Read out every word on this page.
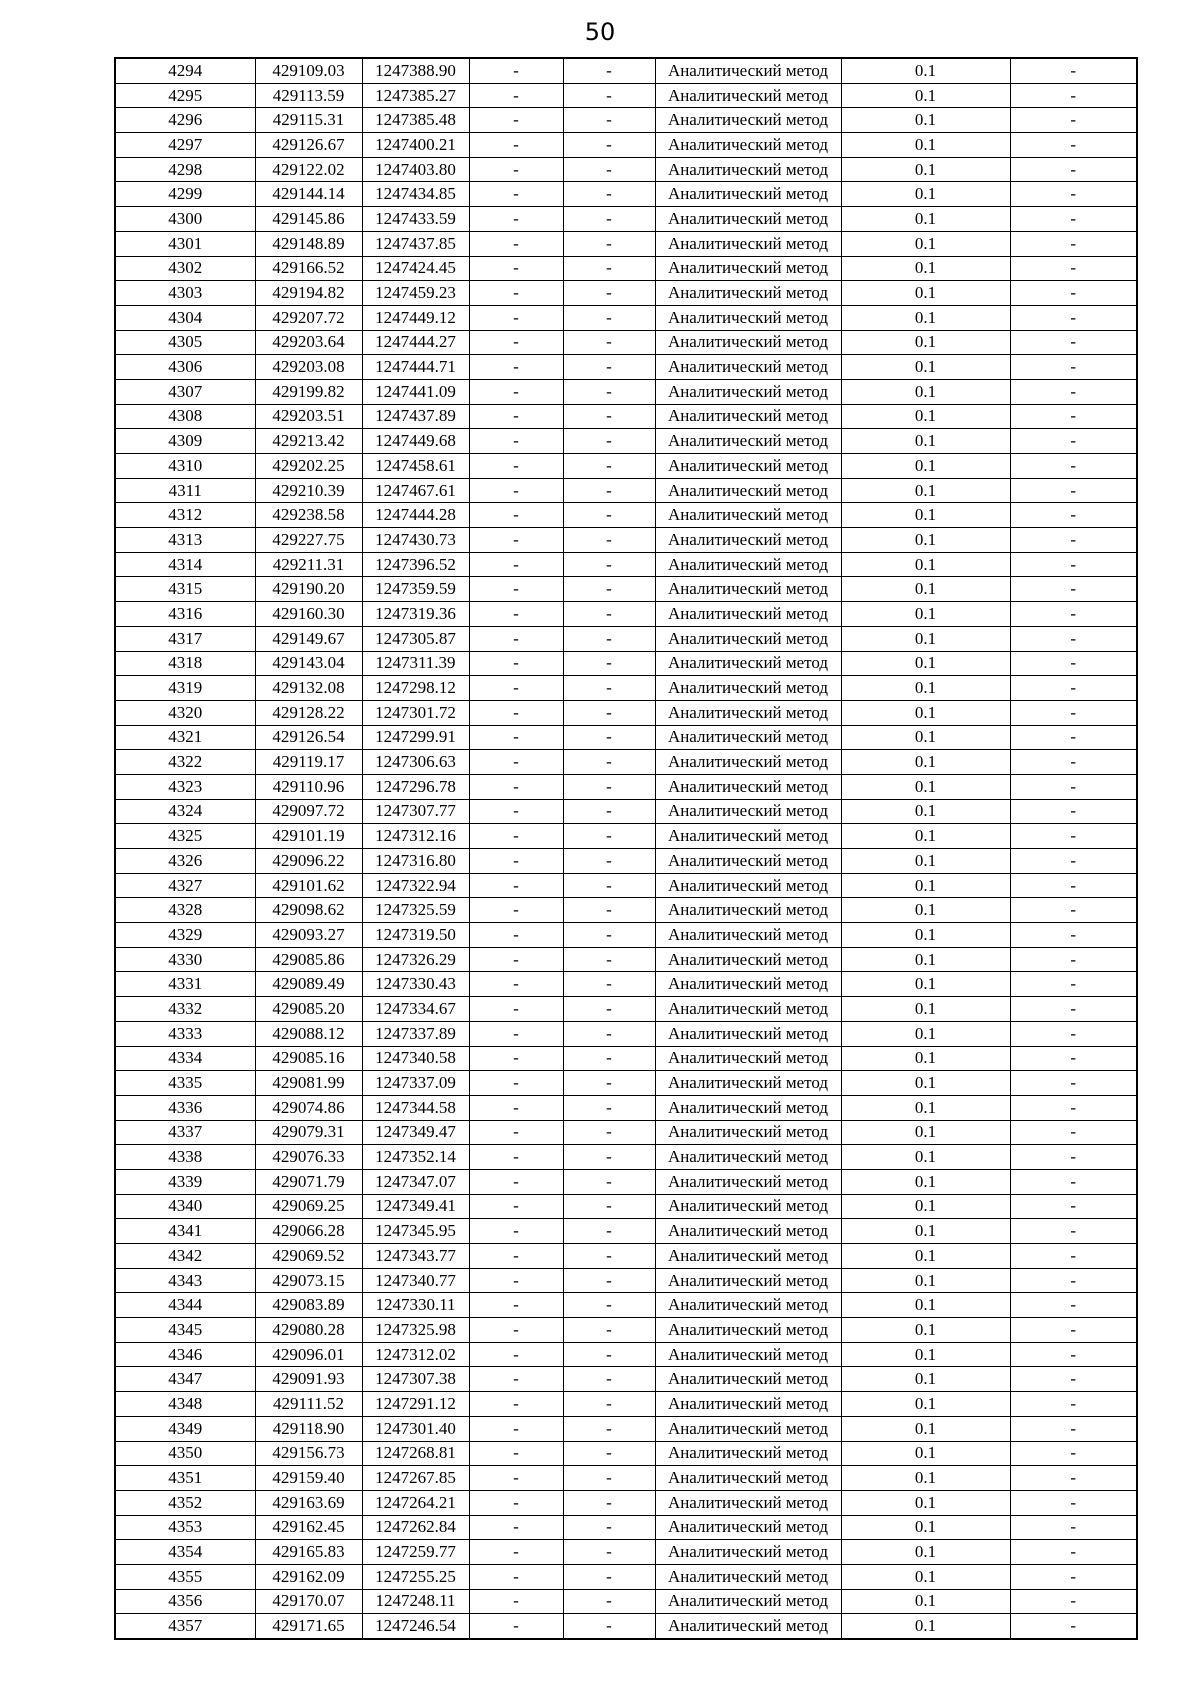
50
4294	429109.03	1247388.90	-	-	Аналитический метод	0.1	-
4295	429113.59	1247385.27	-	-	Аналитический метод	0.1	-
4296	429115.31	1247385.48	-	-	Аналитический метод	0.1	-
4297	429126.67	1247400.21	-	-	Аналитический метод	0.1	-
4298	429122.02	1247403.80	-	-	Аналитический метод	0.1	-
4299	429144.14	1247434.85	-	-	Аналитический метод	0.1	-
4300	429145.86	1247433.59	-	-	Аналитический метод	0.1	-
4301	429148.89	1247437.85	-	-	Аналитический метод	0.1	-
4302	429166.52	1247424.45	-	-	Аналитический метод	0.1	-
4303	429194.82	1247459.23	-	-	Аналитический метод	0.1	-
4304	429207.72	1247449.12	-	-	Аналитический метод	0.1	-
4305	429203.64	1247444.27	-	-	Аналитический метод	0.1	-
4306	429203.08	1247444.71	-	-	Аналитический метод	0.1	-
4307	429199.82	1247441.09	-	-	Аналитический метод	0.1	-
4308	429203.51	1247437.89	-	-	Аналитический метод	0.1	-
4309	429213.42	1247449.68	-	-	Аналитический метод	0.1	-
4310	429202.25	1247458.61	-	-	Аналитический метод	0.1	-
4311	429210.39	1247467.61	-	-	Аналитический метод	0.1	-
4312	429238.58	1247444.28	-	-	Аналитический метод	0.1	-
4313	429227.75	1247430.73	-	-	Аналитический метод	0.1	-
4314	429211.31	1247396.52	-	-	Аналитический метод	0.1	-
4315	429190.20	1247359.59	-	-	Аналитический метод	0.1	-
4316	429160.30	1247319.36	-	-	Аналитический метод	0.1	-
4317	429149.67	1247305.87	-	-	Аналитический метод	0.1	-
4318	429143.04	1247311.39	-	-	Аналитический метод	0.1	-
4319	429132.08	1247298.12	-	-	Аналитический метод	0.1	-
4320	429128.22	1247301.72	-	-	Аналитический метод	0.1	-
4321	429126.54	1247299.91	-	-	Аналитический метод	0.1	-
4322	429119.17	1247306.63	-	-	Аналитический метод	0.1	-
4323	429110.96	1247296.78	-	-	Аналитический метод	0.1	-
4324	429097.72	1247307.77	-	-	Аналитический метод	0.1	-
4325	429101.19	1247312.16	-	-	Аналитический метод	0.1	-
4326	429096.22	1247316.80	-	-	Аналитический метод	0.1	-
4327	429101.62	1247322.94	-	-	Аналитический метод	0.1	-
4328	429098.62	1247325.59	-	-	Аналитический метод	0.1	-
4329	429093.27	1247319.50	-	-	Аналитический метод	0.1	-
4330	429085.86	1247326.29	-	-	Аналитический метод	0.1	-
4331	429089.49	1247330.43	-	-	Аналитический метод	0.1	-
4332	429085.20	1247334.67	-	-	Аналитический метод	0.1	-
4333	429088.12	1247337.89	-	-	Аналитический метод	0.1	-
4334	429085.16	1247340.58	-	-	Аналитический метод	0.1	-
4335	429081.99	1247337.09	-	-	Аналитический метод	0.1	-
4336	429074.86	1247344.58	-	-	Аналитический метод	0.1	-
4337	429079.31	1247349.47	-	-	Аналитический метод	0.1	-
4338	429076.33	1247352.14	-	-	Аналитический метод	0.1	-
4339	429071.79	1247347.07	-	-	Аналитический метод	0.1	-
4340	429069.25	1247349.41	-	-	Аналитический метод	0.1	-
4341	429066.28	1247345.95	-	-	Аналитический метод	0.1	-
4342	429069.52	1247343.77	-	-	Аналитический метод	0.1	-
4343	429073.15	1247340.77	-	-	Аналитический метод	0.1	-
4344	429083.89	1247330.11	-	-	Аналитический метод	0.1	-
4345	429080.28	1247325.98	-	-	Аналитический метод	0.1	-
4346	429096.01	1247312.02	-	-	Аналитический метод	0.1	-
4347	429091.93	1247307.38	-	-	Аналитический метод	0.1	-
4348	429111.52	1247291.12	-	-	Аналитический метод	0.1	-
4349	429118.90	1247301.40	-	-	Аналитический метод	0.1	-
4350	429156.73	1247268.81	-	-	Аналитический метод	0.1	-
4351	429159.40	1247267.85	-	-	Аналитический метод	0.1	-
4352	429163.69	1247264.21	-	-	Аналитический метод	0.1	-
4353	429162.45	1247262.84	-	-	Аналитический метод	0.1	-
4354	429165.83	1247259.77	-	-	Аналитический метод	0.1	-
4355	429162.09	1247255.25	-	-	Аналитический метод	0.1	-
4356	429170.07	1247248.11	-	-	Аналитический метод	0.1	-
4357	429171.65	1247246.54	-	-	Аналитический метод	0.1	-
